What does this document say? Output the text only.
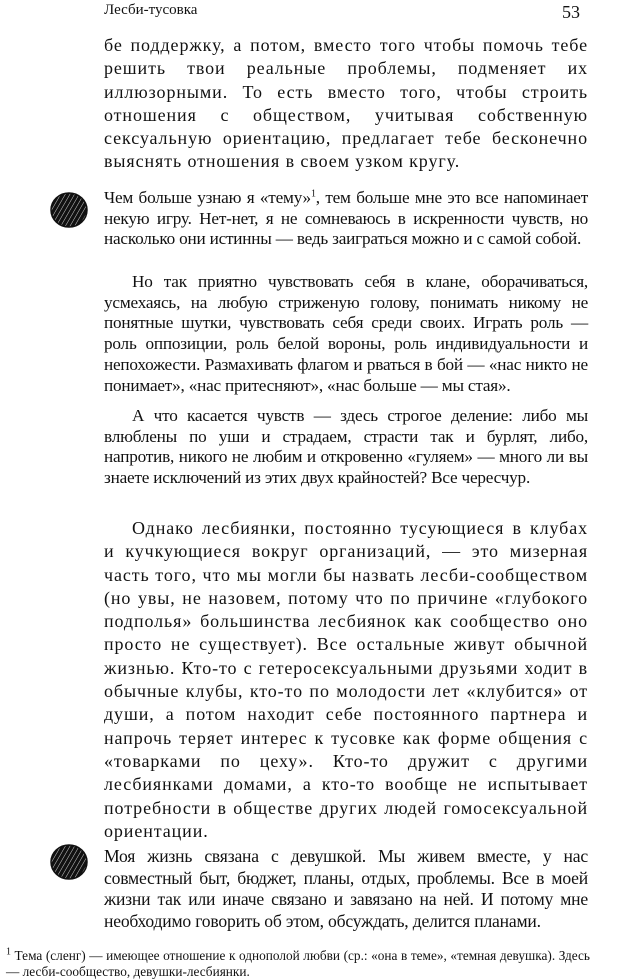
Лесби-тусовка	53

бе поддержку, а потом, вместо того чтобы помочь тебе решить твои реальные проблемы, подменяет их иллюзорными. То есть вместо того, чтобы строить отношения с обществом, учитывая собственную сексуальную ориентацию, предлагает тебе бесконечно выяснять отношения в своем узком кругу.

Чем больше узнаю я «тему»$^1$, тем больше мне это все напоминает некую игру. Нет-нет, я не сомневаюсь в искренности чувств, но насколько они истинны — ведь заиграться можно и с самой собой.

Но так приятно чувствовать себя в клане, оборачиваться, усмехаясь, на любую стриженую голову, понимать никому не понятные шутки, чувствовать себя среди своих. Играть роль — роль оппозиции, роль белой вороны, роль индивидуальности и непохожести. Размахивать флагом и рваться в бой — «нас никто не понимает», «нас притесняют», «нас больше — мы стая».

А что касается чувств — здесь строгое деление: либо мы влюблены по уши и страдаем, страсти так и бурлят, либо, напротив, никого не любим и откровенно «гуляем» — много ли вы знаете исключений из этих двух крайностей? Все чересчур.

Однако лесбиянки, постоянно тусующиеся в клубах и кучкующиеся вокруг организаций, — это мизерная часть того, что мы могли бы назвать лесби-сообществом (но увы, не назовем, потому что по причине «глубокого подполья» большинства лесбиянок как сообщество оно просто не существует). Все остальные живут обычной жизнью. Кто-то с гетеросексуальными друзьями ходит в обычные клубы, кто-то по молодости лет «клубится» от души, а потом находит себе постоянного партнера и напрочь теряет интерес к тусовке как форме общения с «товарками по цеху». Кто-то дружит с другими лесбиянками домами, а кто-то вообще не испытывает потребности в обществе других людей гомосексуальной ориентации.

Моя жизнь связана с девушкой. Мы живем вместе, у нас совместный быт, бюджет, планы, отдых, проблемы. Все в моей жизни так или иначе связано и завязано на ней. И потому мне необходимо говорить об этом, обсуждать, делится планами.

$^1$ Тема (сленг) — имеющее отношение к однополой любви (ср.: «она в теме», «темная девушка). Здесь — лесби-сообщество, девушки-лесбиянки.
